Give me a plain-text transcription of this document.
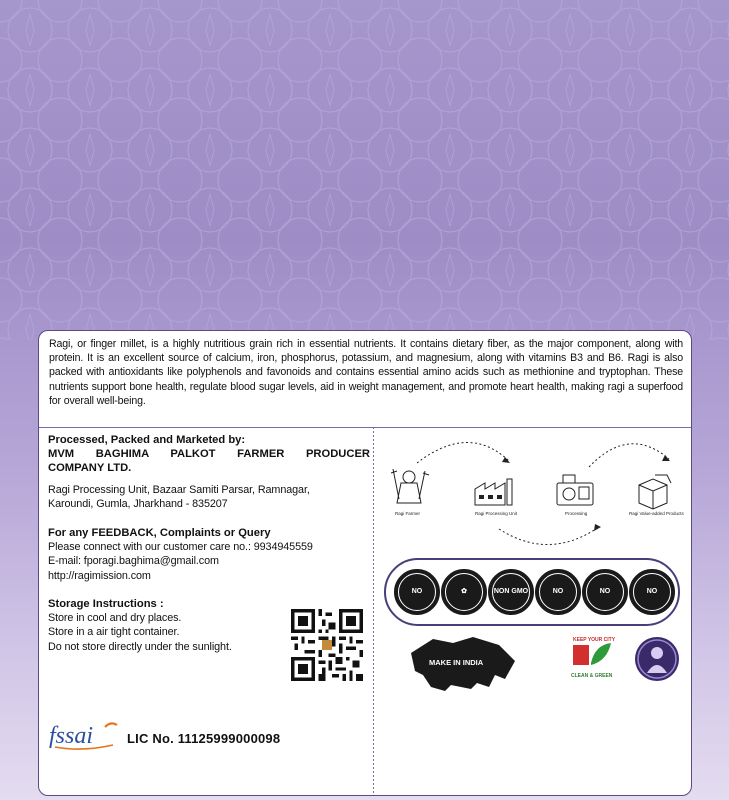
Ragi, or finger millet, is a highly nutritious grain rich in essential nutrients. It contains dietary fiber, as the major component, along with protein. It is an excellent source of calcium, iron, phosphorus, potassium, and magnesium, along with vitamins B3 and B6. Ragi is also packed with antioxidants like polyphenols and favonoids and contains essential amino acids such as methionine and tryptophan. These nutrients support bone health, regulate blood sugar levels, aid in weight management, and promote heart health, making ragi a superfood for overall well-being.

Processed, Packed and Marketed by:
MVM BAGHIMA PALKOT FARMER PRODUCER
COMPANY LTD.
Ragi Processing Unit, Bazaar Samiti Parsar, Ramnagar,
Karoundi, Gumla, Jharkhand - 835207
For any FEEDBACK, Complaints or Query
Please connect with our customer care no.: 9934945559
E-mail: fporagi.baghima@gmail.com
http://ragimission.com
Storage Instructions :
Store in cool and dry places.
Store in a air tight container.
Do not store directly under the sunlight.
fssai	LIC No. 11125999000098
Ragi Farmer	Ragi Processing Unit	Processing	Ragi Value-added Products
NO	✿	NON GMO	NO	NO	NO
MAKE IN INDIA
KEEP YOUR CITY
CLEAN & GREEN
